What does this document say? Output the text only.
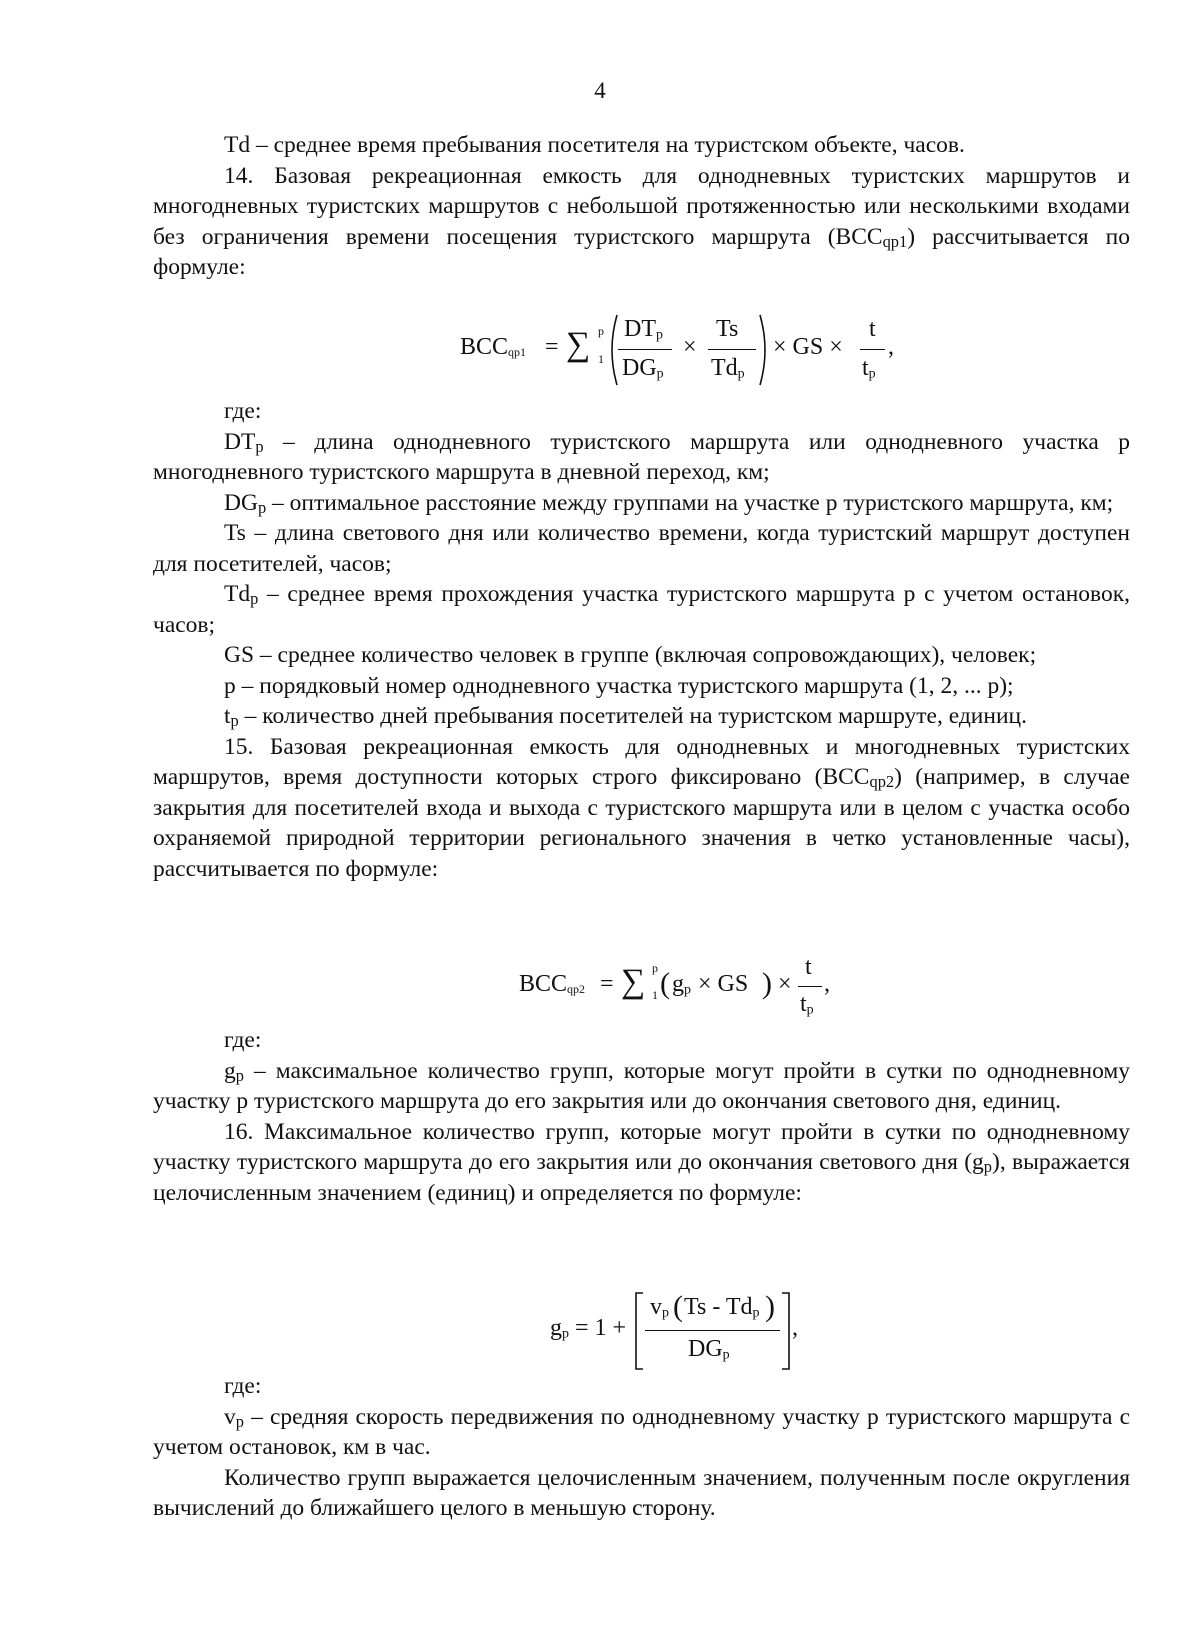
4

Td – среднее время пребывания посетителя на туристском объекте, часов.

14. Базовая рекреационная емкость для однодневных туристских маршрутов и многодневных туристских маршрутов с небольшой протяженностью или несколькими входами без ограничения времени посещения туристского маршрута $(ВСС_{qp1})$ рассчитывается по формуле:

$BCC_{qp1}$ = ∑ p
1
$DT_p$
$DG_p$
×
Ts
$Td_p$
× GS ×
t
$t_p$
,

где:

$DT_p$ – длина однодневного туристского маршрута или однодневного участка p многодневного туристского маршрута в дневной переход, км;

$DG_p$ – оптимальное расстояние между группами на участке p туристского маршрута, км;

Ts – длина светового дня или количество времени, когда туристский маршрут доступен для посетителей, часов;

$Td_p$ – среднее время прохождения участка туристского маршрута p с учетом остановок, часов;

GS – среднее количество человек в группе (включая сопровождающих), человек;

p – порядковый номер однодневного участка туристского маршрута (1, 2, ... p);

$t_p$ – количество дней пребывания посетителей на туристском маршруте, единиц.

15. Базовая рекреационная емкость для однодневных и многодневных туристских маршрутов, время доступности которых строго фиксировано $(ВСС_{qp2})$ (например, в случае закрытия для посетителей входа и выхода с туристского маршрута или в целом с участка особо охраняемой природной территории регионального значения в четко установленные часы), рассчитывается по формуле:

$BCC_{qp2}$ = ∑ p
1 ( $g_p$ × GS ) ×
t
$t_p$
,

где:

$g_p$ – максимальное количество групп, которые могут пройти в сутки по однодневному участку p туристского маршрута до его закрытия или до окончания светового дня, единиц.

16. Максимальное количество групп, которые могут пройти в сутки по однодневному участку туристского маршрута до его закрытия или до окончания светового дня $(g_p)$, выражается целочисленным значением (единиц) и определяется по формуле:

$g_p = 1$ +
$v_p$ ( Ts - $Td_p$ )
$DG_p$
,

где:

$v_p$ – средняя скорость передвижения по однодневному участку p туристского маршрута с учетом остановок, км в час.

Количество групп выражается целочисленным значением, полученным после округления вычислений до ближайшего целого в меньшую сторону.
